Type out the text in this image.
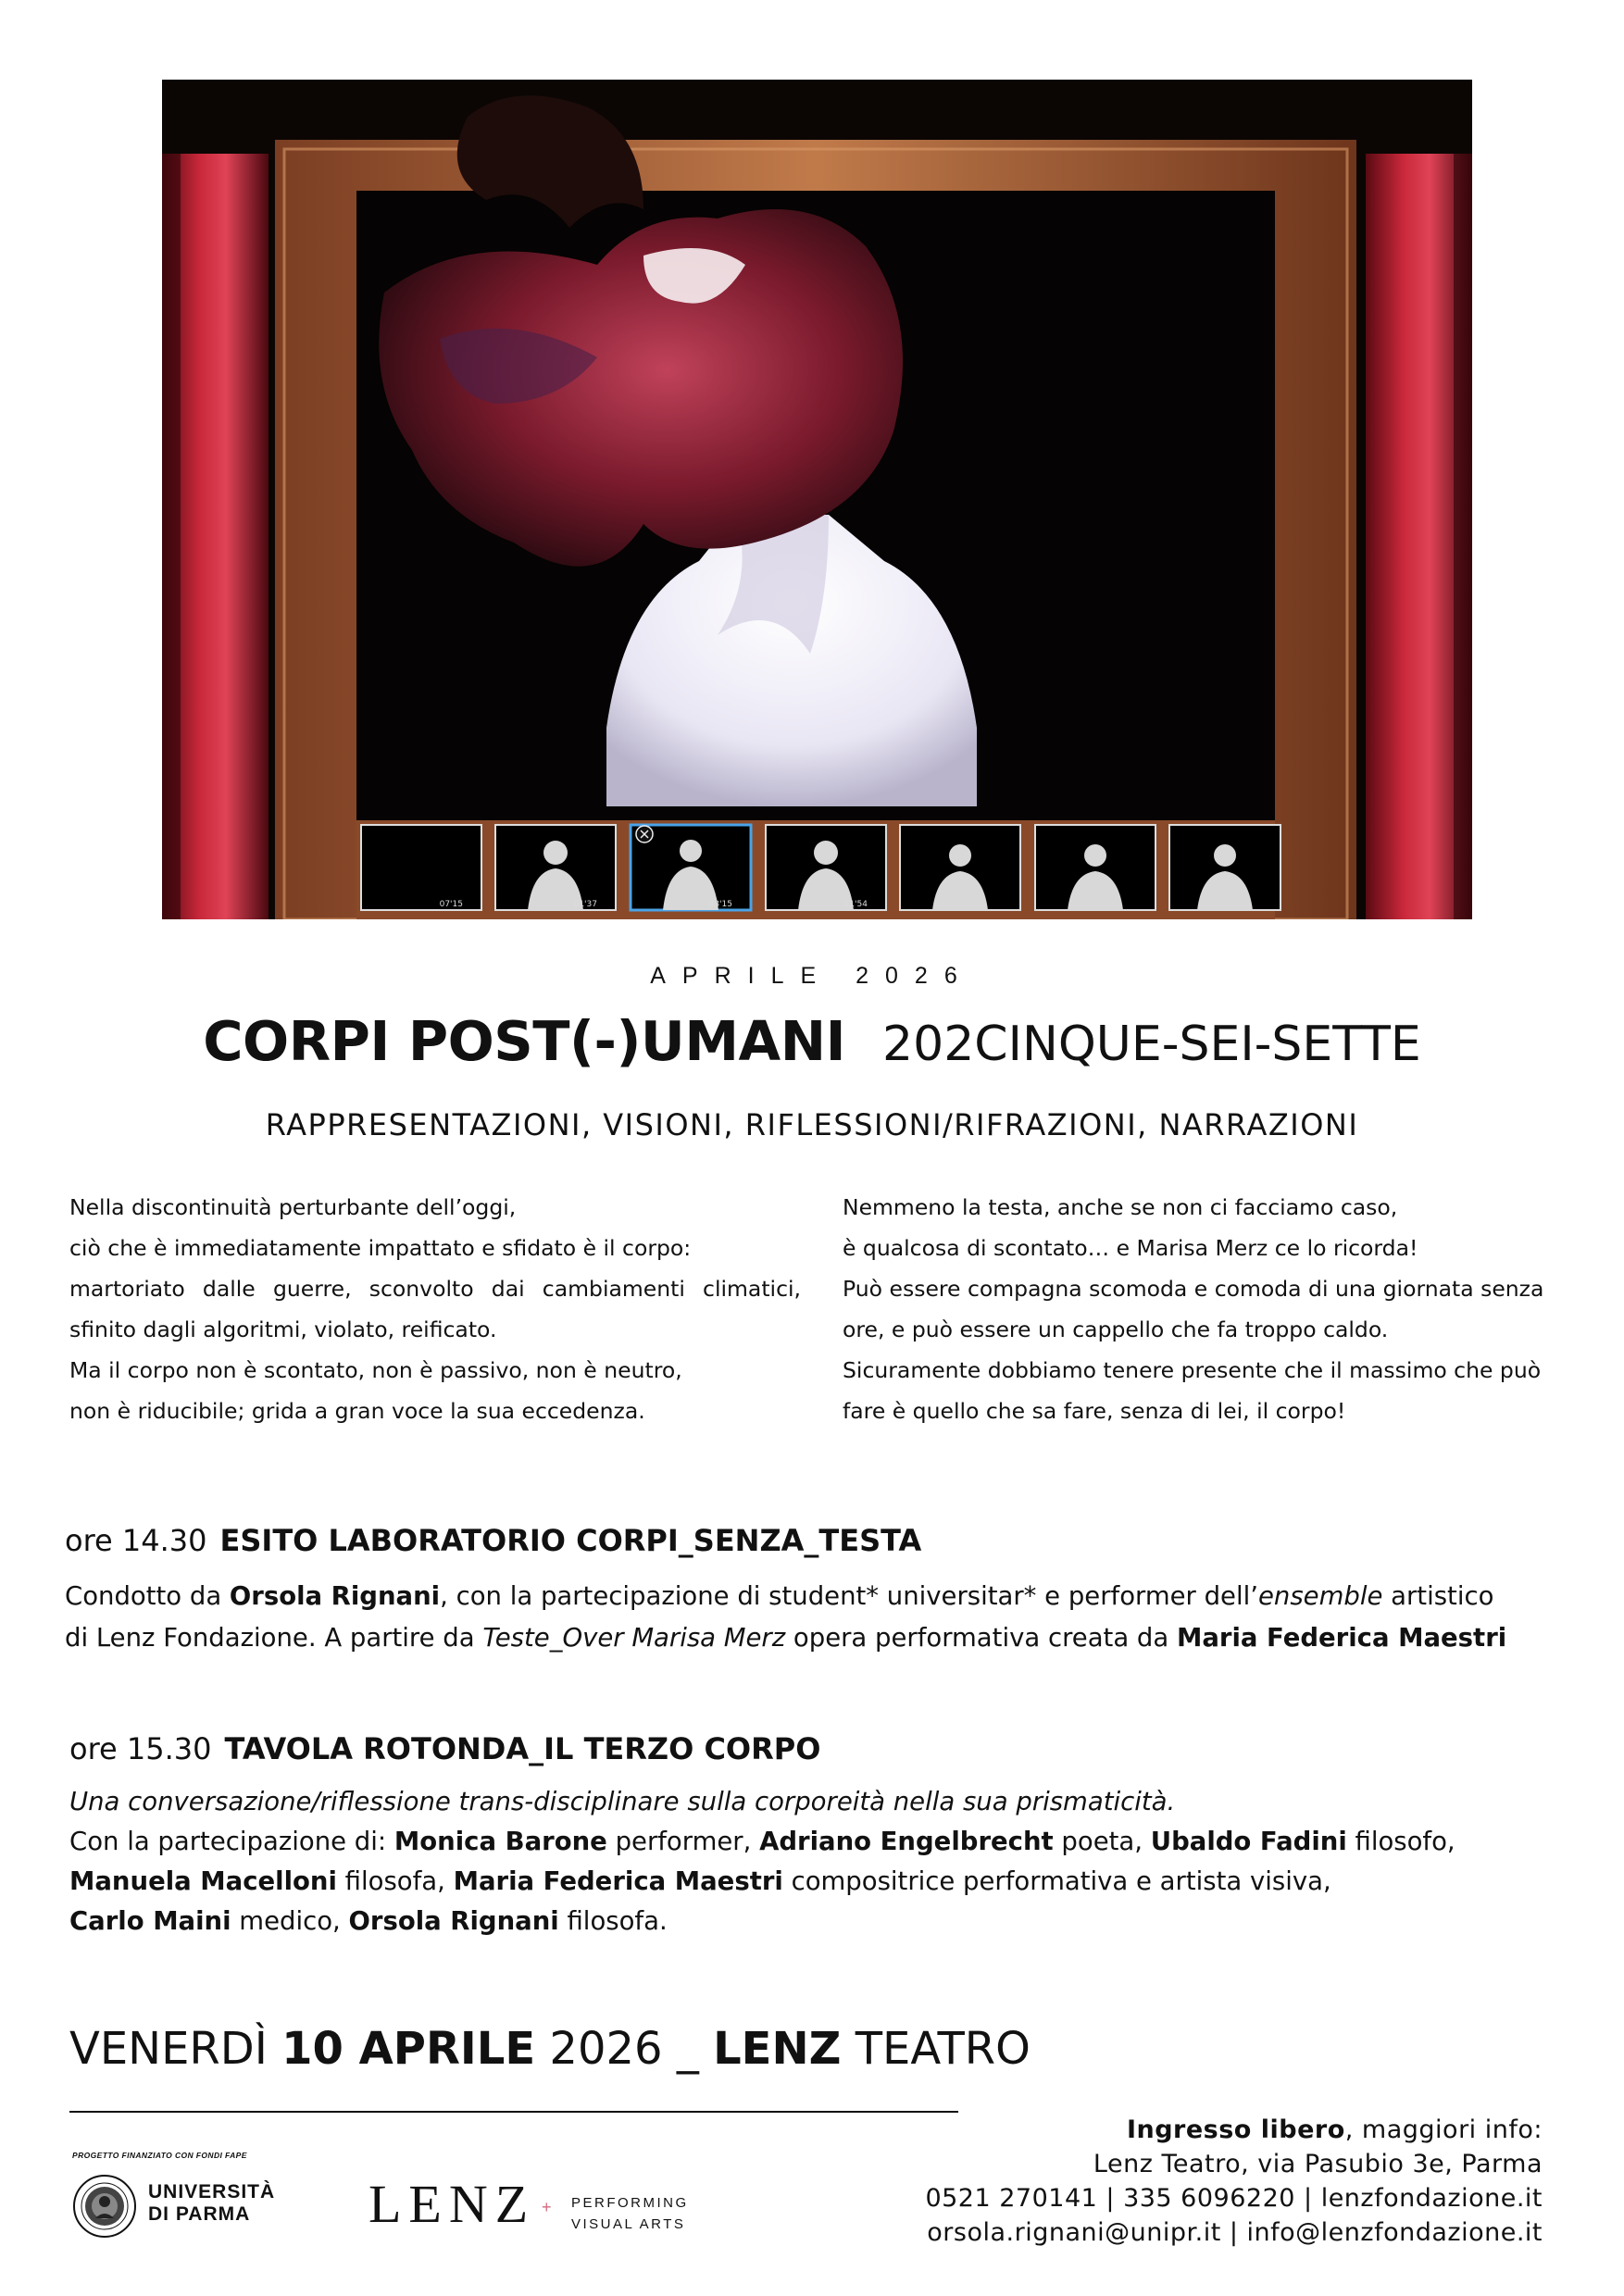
07'15	01'37	03'15	11'54
APRILE 2026
CORPI POST(-)UMANI 202CINQUE-SEI-SETTE
RAPPRESENTAZIONI, VISIONI, RIFLESSIONI/RIFRAZIONI, NARRAZIONI
Nella discontinuità perturbante dell’oggi,
ciò che è immediatamente impattato e sfidato è il corpo:
martoriato dalle guerre, sconvolto dai cambiamenti climatici,
sfinito dagli algoritmi, violato, reificato.
Ma il corpo non è scontato, non è passivo, non è neutro,
non è riducibile; grida a gran voce la sua eccedenza.
Nemmeno la testa, anche se non ci facciamo caso,
è qualcosa di scontato… e Marisa Merz ce lo ricorda!
Può essere compagna scomoda e comoda di una giornata senza
ore, e può essere un cappello che fa troppo caldo.
Sicuramente dobbiamo tenere presente che il massimo che può
fare è quello che sa fare, senza di lei, il corpo!
ore 14.30 ESITO LABORATORIO CORPI_SENZA_TESTA
Condotto da Orsola Rignani, con la partecipazione di student* universitar* e performer dell’ensemble artistico
di Lenz Fondazione. A partire da Teste_Over Marisa Merz opera performativa creata da Maria Federica Maestri
ore 15.30 TAVOLA ROTONDA_IL TERZO CORPO
Una conversazione/riflessione trans-disciplinare sulla corporeità nella sua prismaticità.
Con la partecipazione di: Monica Barone performer, Adriano Engelbrecht poeta, Ubaldo Fadini filosofo,
Manuela Macelloni filosofa, Maria Federica Maestri compositrice performativa e artista visiva,
Carlo Maini medico, Orsola Rignani filosofa.
VENERDÌ 10 APRILE 2026 _ LENZ TEATRO
PROGETTO FINANZIATO CON FONDI FAPE
UNIVERSITÀ
DI PARMA	LENZ + PERFORMING
VISUAL ARTS
Ingresso libero, maggiori info:
Lenz Teatro, via Pasubio 3e, Parma
0521 270141 | 335 6096220 | lenzfondazione.it
orsola.rignani@unipr.it | info@lenzfondazione.it
